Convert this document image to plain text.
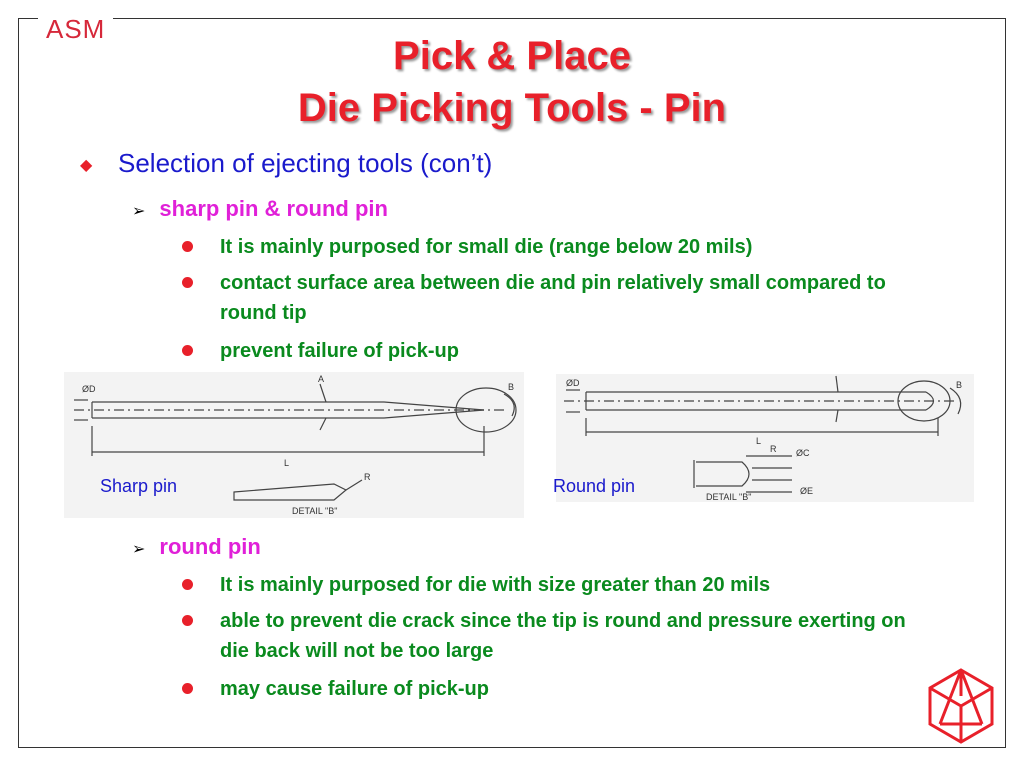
ASM
Pick & Place
Die Picking Tools - Pin
◆ Selection of ejecting tools (con’t)
➢ sharp pin & round pin
It is mainly purposed for small die (range below 20 mils)
contact surface area between die and pin relatively small compared to round tip
prevent failure of pick-up
ØD
A
B
L
R
DETAIL "B"
Sharp pin
ØD	B
L
R ØC
ØE
DETAIL "B"
Round pin
➢ round pin
It is mainly purposed for die with size greater than 20 mils
able to prevent die crack since the tip is round and pressure exerting on die back will not be too large
may cause failure of pick-up
